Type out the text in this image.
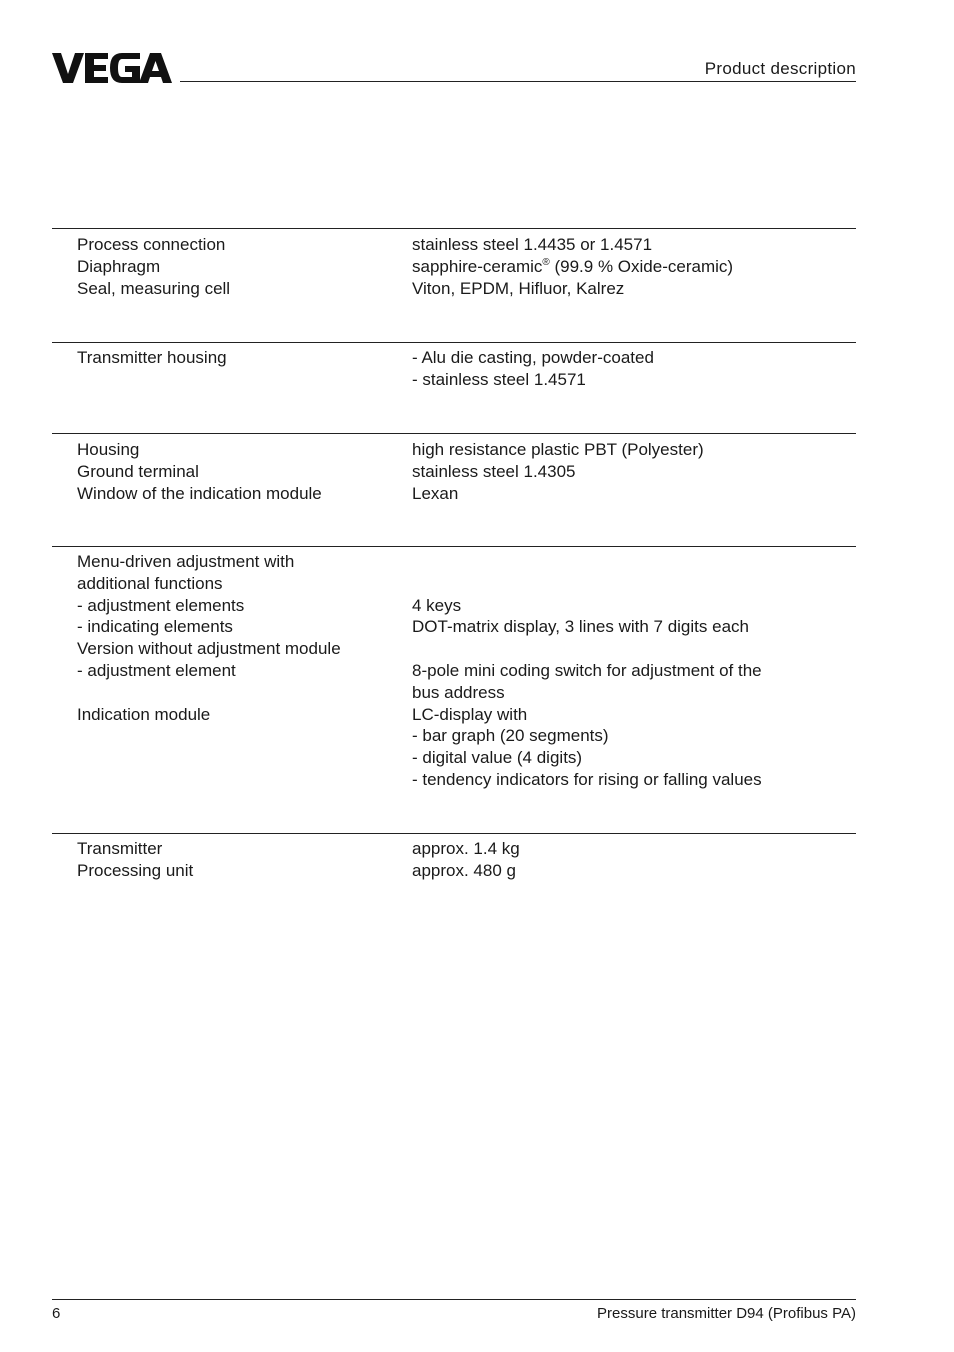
Product description
Process connection	stainless steel 1.4435 or 1.4571
Diaphragm	sapphire-ceramic® (99.9 % Oxide-ceramic)
Seal, measuring cell	Viton, EPDM, Hifluor, Kalrez
Transmitter housing	- Alu die casting, powder-coated
- stainless steel 1.4571
Housing	high resistance plastic PBT (Polyester)
Ground terminal	stainless steel 1.4305
Window of the indication module	Lexan
Menu-driven adjustment with
additional functions
- adjustment elements	4 keys
- indicating elements	DOT-matrix display, 3 lines with 7 digits each
Version without adjustment module
- adjustment element	8-pole mini coding switch for adjustment of the
bus address
Indication module	LC-display with
- bar graph (20 segments)
- digital value (4 digits)
- tendency indicators for rising or falling values
Transmitter	approx. 1.4 kg
Processing unit	approx. 480 g
6	Pressure transmitter D94 (Profibus PA)
